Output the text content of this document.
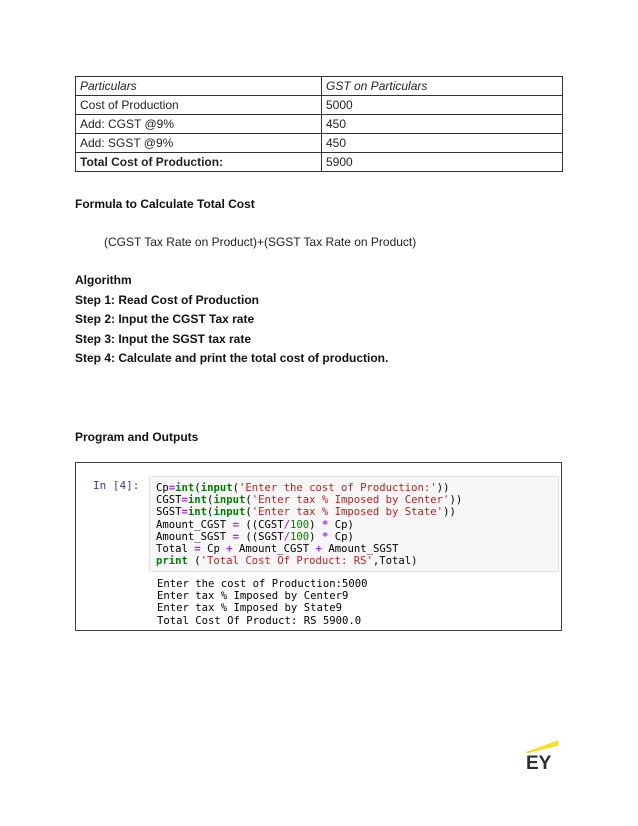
Particulars	GST on Particulars
Cost of Production	5000
Add: CGST @9%	450
Add: SGST @9%	450
Total Cost of Production:	5900
Formula to Calculate Total Cost
(CGST Tax Rate on Product)+(SGST Tax Rate on Product)
Algorithm
Step 1: Read Cost of Production
Step 2: Input the CGST Tax rate
Step 3: Input the SGST tax rate
Step 4: Calculate and print the total cost of production.
Program and Outputs
In [4]: Cp=int(input('Enter the cost of Production:'))
CGST=int(input('Enter tax % Imposed by Center'))
SGST=int(input('Enter tax % Imposed by State'))
Amount_CGST = ((CGST/100) * Cp)
Amount_SGST = ((SGST/100) * Cp)
Total = Cp + Amount_CGST + Amount_SGST
print ('Total Cost Of Product: RS',Total)
Enter the cost of Production:5000
Enter tax % Imposed by Center9
Enter tax % Imposed by State9
Total Cost Of Product: RS 5900.0
EY
